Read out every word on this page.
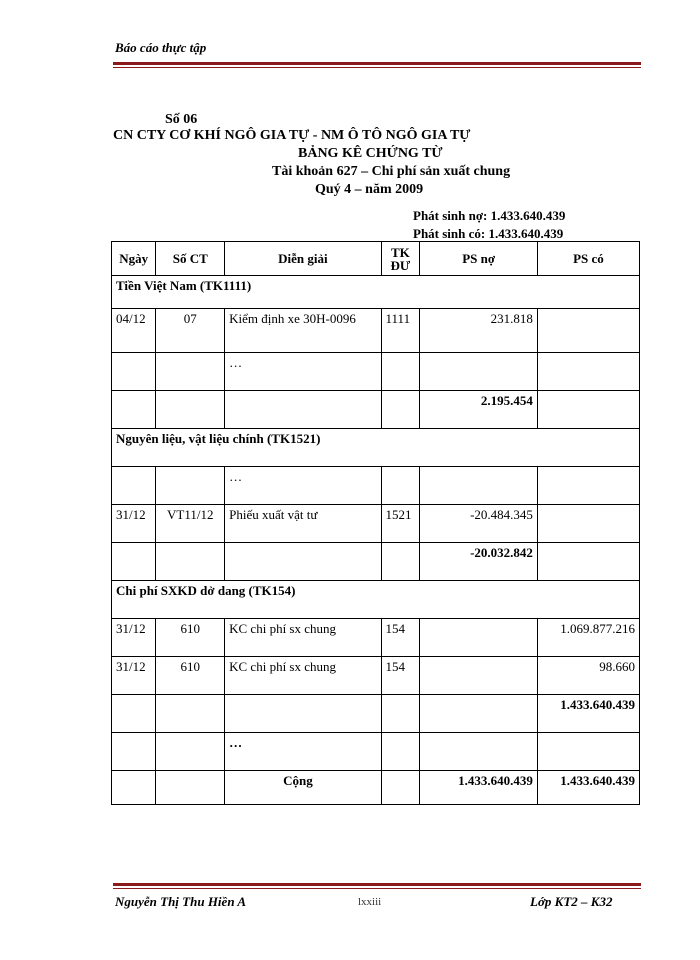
Báo cáo thực tập
Số 06
CN CTY CƠ KHÍ NGÔ GIA TỰ - NM Ô TÔ NGÔ GIA TỰ
BẢNG KÊ CHỨNG TỪ
Tài khoản 627 – Chi phí sản xuất chung
Quý 4 – năm 2009
Phát sinh nợ: 1.433.640.439
Phát sinh có: 1.433.640.439
Ngày	Số CT	Diễn giải	TK ĐƯ	PS nợ	PS có
Tiền Việt Nam (TK1111)					
04/12	07	Kiểm định xe 30H-0096	1111	231.818	
		…			
				2.195.454	
Nguyên liệu, vật liệu chính (TK1521)					
		…			
31/12	VT11/12	Phiếu xuất vật tư	1521	-20.484.345	
				-20.032.842	
Chi phí SXKD dở dang (TK154)					
31/12	610	KC chi phí sx chung	154		1.069.877.216
31/12	610	KC chi phí sx chung	154		98.660
					1.433.640.439
		…			
		Cộng		1.433.640.439	1.433.640.439
Nguyễn Thị Thu Hiền A	lxxiii	Lớp KT2 – K32
